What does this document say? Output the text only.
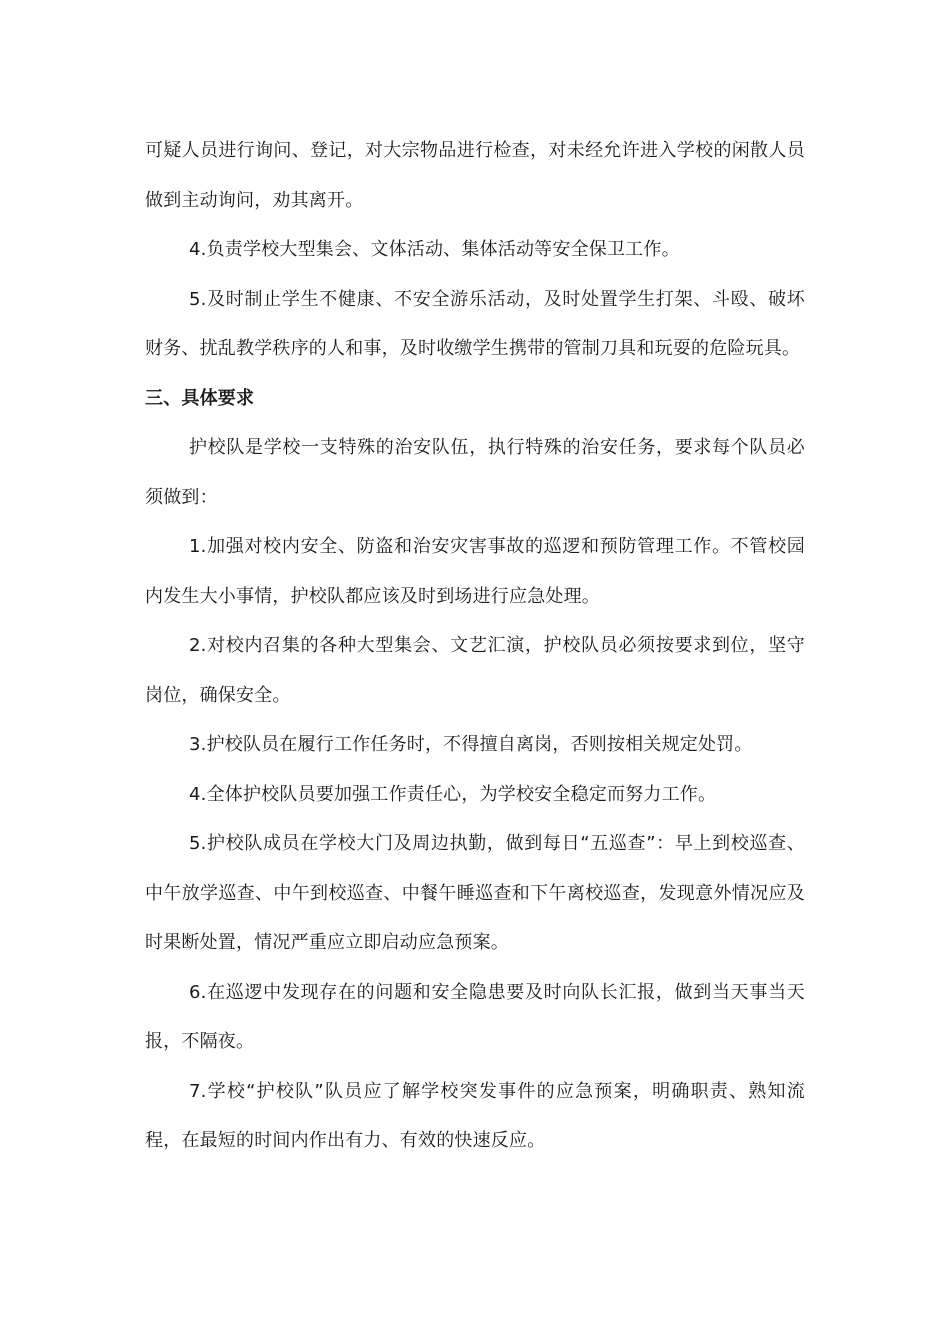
可疑人员进行询问、登记，对大宗物品进行检查，对未经允许进入学校的闲散人员做到主动询问，劝其离开。

4.负责学校大型集会、文体活动、集体活动等安全保卫工作。

5.及时制止学生不健康、不安全游乐活动，及时处置学生打架、斗殴、破坏财务、扰乱教学秩序的人和事，及时收缴学生携带的管制刀具和玩耍的危险玩具。

三、具体要求

护校队是学校一支特殊的治安队伍，执行特殊的治安任务，要求每个队员必须做到：

1.加强对校内安全、防盗和治安灾害事故的巡逻和预防管理工作。不管校园内发生大小事情，护校队都应该及时到场进行应急处理。

2.对校内召集的各种大型集会、文艺汇演，护校队员必须按要求到位，坚守岗位，确保安全。

3.护校队员在履行工作任务时，不得擅自离岗，否则按相关规定处罚。

4.全体护校队员要加强工作责任心，为学校安全稳定而努力工作。

5.护校队成员在学校大门及周边执勤，做到每日“五巡查”：早上到校巡查、中午放学巡查、中午到校巡查、中餐午睡巡查和下午离校巡查，发现意外情况应及时果断处置，情况严重应立即启动应急预案。

6.在巡逻中发现存在的问题和安全隐患要及时向队长汇报，做到当天事当天报，不隔夜。

7.学校“护校队”队员应了解学校突发事件的应急预案，明确职责、熟知流程，在最短的时间内作出有力、有效的快速反应。
